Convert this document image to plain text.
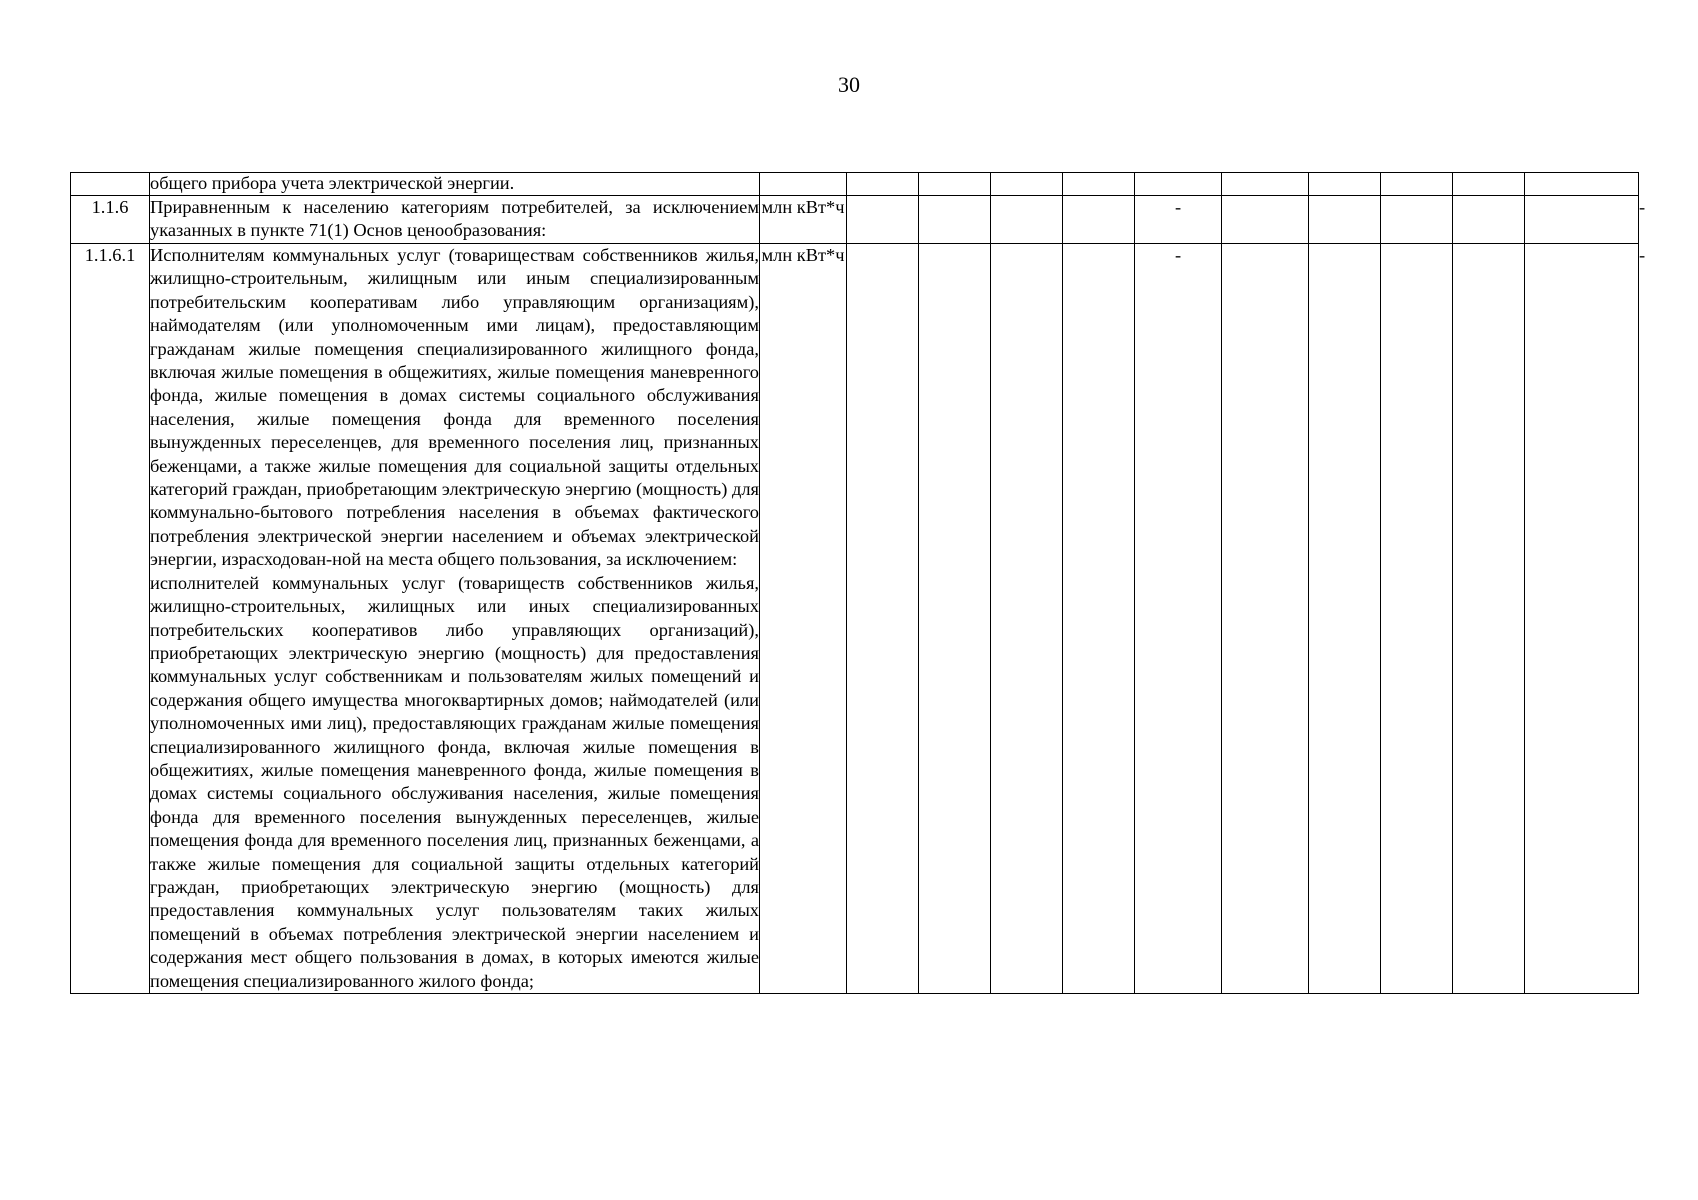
30

	общего прибора учета электрической энергии.												

1.1.6	Приравненным к населению категориям потребителей, за исключением указанных в пункте 71(1) Основ ценообразования:	млн кВт*ч					-						-
1.1.6.1	Исполнителям коммунальных услуг (товариществам собственников жилья, жилищно-строительным, жилищным или иным специализированным потребительским кооперативам либо управляющим организациям), наймодателям (или уполномоченным ими лицам), предоставляющим гражданам жилые помещения специализированного жилищного фонда, включая жилые помещения в общежитиях, жилые помещения маневренного фонда, жилые помещения в домах системы социального обслуживания населения, жилые помещения фонда для временного поселения вынужденных переселенцев, для временного поселения лиц, признанных беженцами, а также жилые помещения для социальной защиты отдельных категорий граждан, приобретающим электрическую энергию (мощность) для коммунально-бытового потребления населения в объемах фактического потребления электрической энергии населением и объемах электрической энергии, израсходован-ной на места общего пользования, за исключением:

исполнителей коммунальных услуг (товариществ собственников жилья, жилищно-строительных, жилищных или иных специализированных потребительских кооперативов либо управляющих организаций), приобретающих электрическую энергию (мощность) для предоставления коммунальных услуг собственникам и пользователям жилых помещений и содержания общего имущества многоквартирных домов; наймодателей (или уполномоченных ими лиц), предоставляющих гражданам жилые помещения специализированного жилищного фонда, включая жилые помещения в общежитиях, жилые помещения маневренного фонда, жилые помещения в домах системы социального обслуживания населения, жилые помещения фонда для временного поселения вынужденных переселенцев, жилые помещения фонда для временного поселения лиц, признанных беженцами, а также жилые помещения для социальной защиты отдельных категорий граждан, приобретающих электрическую энергию (мощность) для предоставления коммунальных услуг пользователям таких жилых помещений в объемах потребления электрической энергии населением и содержания мест общего пользования в домах, в которых имеются жилые помещения специализированного жилого фонда;	млн кВт*ч					-						-
